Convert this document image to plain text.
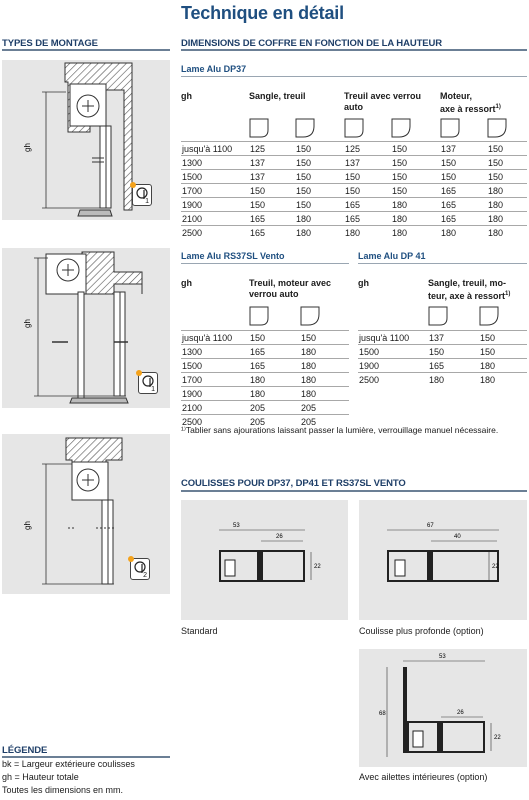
Technique en détail
TYPES DE MONTAGE
gh
1
gh
1
gh
2
LÉGENDE
bk = Largeur extérieure coulisses
gh = Hauteur totale
Toutes les dimensions en mm.
DIMENSIONS DE COFFRE EN FONCTION DE LA HAUTEUR
Lame Alu DP37
gh	Sangle, treuil	Treuil avec verrou
auto
Moteur,
axe à ressort$^{1)}$
jusqu'à 1100	125	150	125	150	137	150
1300	137	150	137	150	150	150
1500	137	150	150	150	150	150
1700	150	150	150	150	165	180
1900	150	150	165	180	165	180
2100	165	180	165	180	165	180
2500	165	180	180	180	180	180
Lame Alu RS37SL Vento
gh	Treuil, moteur avec
verrou auto
jusqu'à 1100	150	150
1300	165	180
1500	165	180
1700	180	180
1900	180	180
2100	205	205
2500	205	205
Lame Alu DP 41
gh	Sangle, treuil, mo-
teur, axe à ressort$^{1)}$
jusqu'à 1100	137	150
1500	150	150
1900	165	180
2500	180	180
¹⁾Tablier sans ajourations laissant passer la lumière, verrouillage manuel nécessaire.
COULISSES POUR DP37, DP41 ET RS37SL VENTO
53
26
22
Standard
67
40
22
Coulisse plus profonde (option)
53
68	26
22
Avec ailettes intérieures (option)
